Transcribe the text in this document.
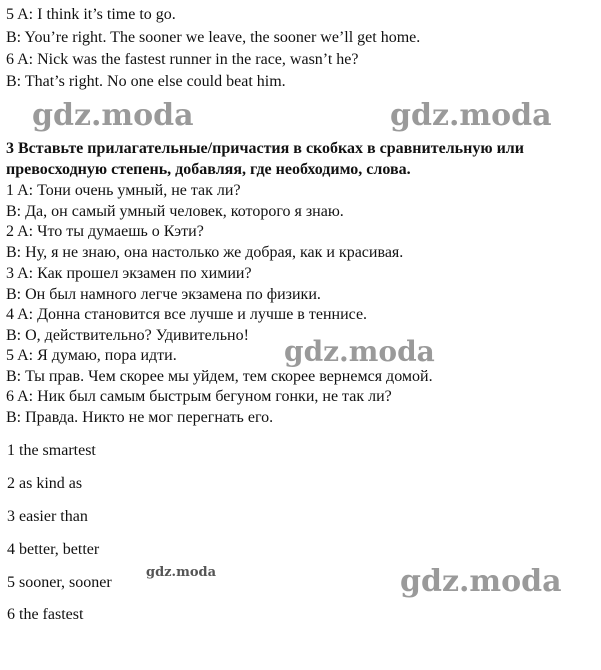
5 A: I think it’s time to go.
B: You’re right. The sooner we leave, the sooner we’ll get home.
6 A: Nick was the fastest runner in the race, wasn’t he?
B: That’s right. No one else could beat him.
gdz.moda	gdz.moda
3 Вставьте прилагательные/причастия в скобках в сравнительную или
превосходную степень, добавляя, где необходимо, слова.
1 A: Тони очень умный, не так ли?
B: Да, он самый умный человек, которого я знаю.
2 A: Что ты думаешь о Кэти?
B: Ну, я не знаю, она настолько же добрая, как и красивая.
3 A: Как прошел экзамен по химии?
B: Он был намного легче экзамена по физики.
4 A: Донна становится все лучше и лучше в теннисе.
B: О, действительно? Удивительно!
5 A: Я думаю, пора идти.
B: Ты прав. Чем скорее мы уйдем, тем скорее вернемся домой.
6 A: Ник был самым быстрым бегуном гонки, не так ли?
B: Правда. Никто не мог перегнать его.
gdz.moda
1 the smartest
2 as kind as
3 easier than
4 better, better
5 sooner, sooner
6 the fastest
gdz.moda	gdz.moda
